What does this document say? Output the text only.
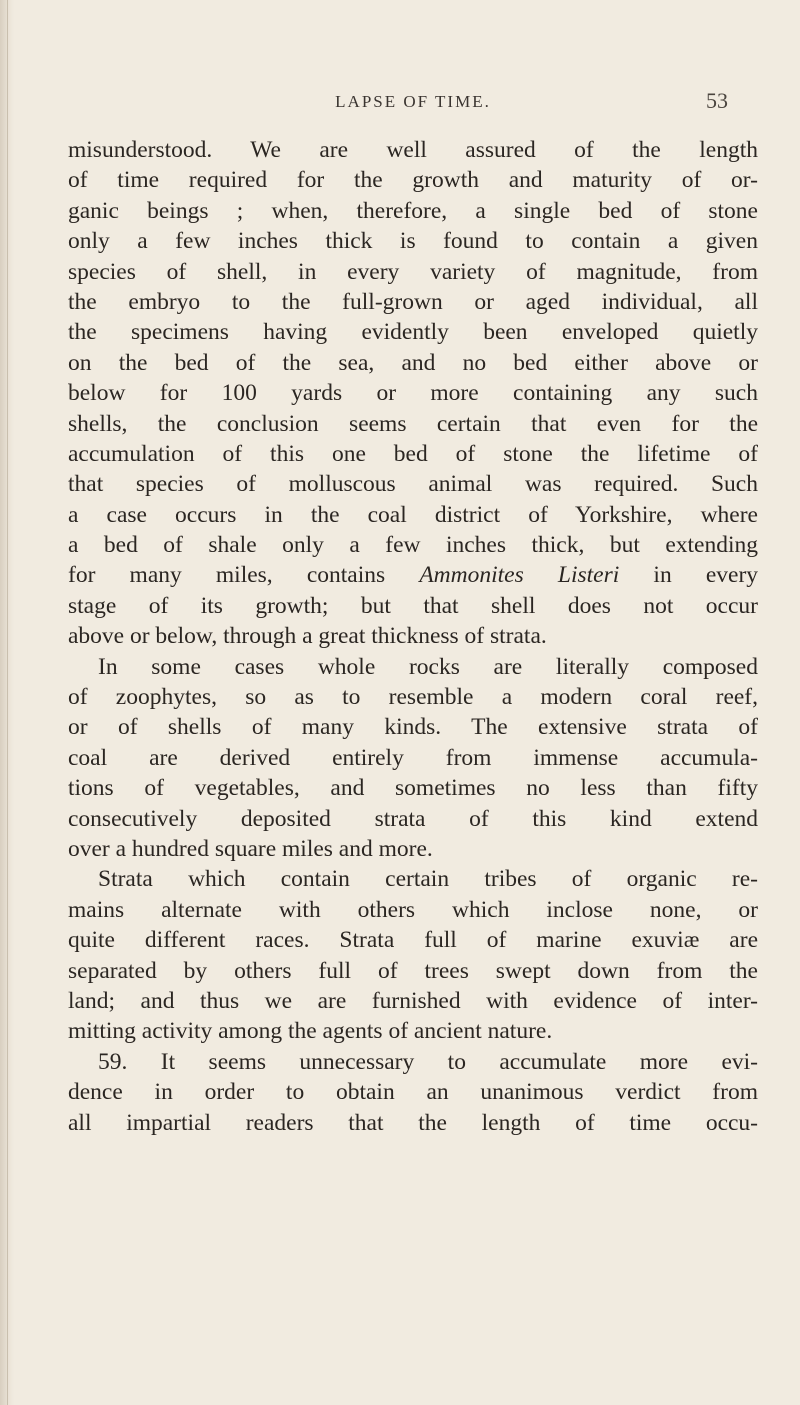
LAPSE OF TIME.	53
misunderstood. We are well assured of the length
of time required for the growth and maturity of or-
ganic beings ; when, therefore, a single bed of stone
only a few inches thick is found to contain a given
species of shell, in every variety of magnitude, from
the embryo to the full-grown or aged individual, all
the specimens having evidently been enveloped quietly
on the bed of the sea, and no bed either above or
below for 100 yards or more containing any such
shells, the conclusion seems certain that even for the
accumulation of this one bed of stone the lifetime of
that species of molluscous animal was required. Such
a case occurs in the coal district of Yorkshire, where
a bed of shale only a few inches thick, but extending
for many miles, contains Ammonites Listeri in every
stage of its growth; but that shell does not occur
above or below, through a great thickness of strata.
In some cases whole rocks are literally composed
of zoophytes, so as to resemble a modern coral reef,
or of shells of many kinds. The extensive strata of
coal are derived entirely from immense accumula-
tions of vegetables, and sometimes no less than fifty
consecutively deposited strata of this kind extend
over a hundred square miles and more.
Strata which contain certain tribes of organic re-
mains alternate with others which inclose none, or
quite different races. Strata full of marine exuviæ are
separated by others full of trees swept down from the
land; and thus we are furnished with evidence of inter-
mitting activity among the agents of ancient nature.
59. It seems unnecessary to accumulate more evi-
dence in order to obtain an unanimous verdict from
all impartial readers that the length of time occu-
